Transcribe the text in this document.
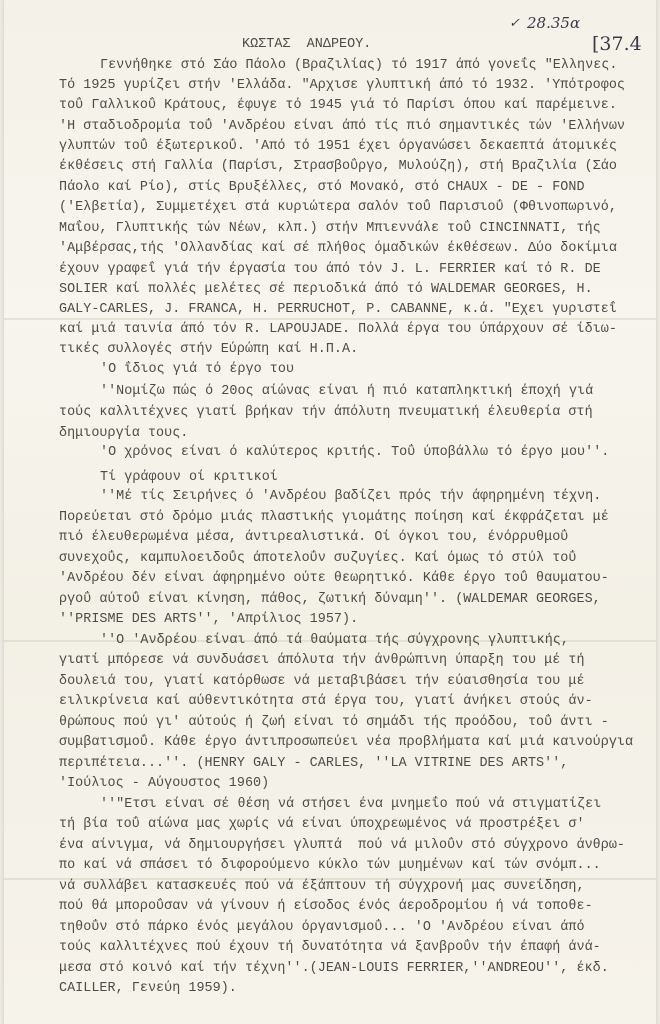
✓ 28.35α
[37.4
ΚΩΣΤΑΣ  ΑΝΔΡΕΟΥ.
Γεννήθηκε στό Σάο Πάολο (Βραζιλίας) τό 1917 άπό γονεΐς "Ελληνες.
Τό 1925 γυρίζει στήν 'Ελλάδα. "Αρχισε γλυπτική άπό τό 1932. 'Υπότροφος
τοΰ Γαλλικοΰ Κράτους, έφυγε τό 1945 γιά τό Παρίσι όπου καί παρέμεινε.
'Η σταδιοδρομία τοΰ 'Ανδρέου είναι άπό τίς πιό σημαντικές τών 'Ελλήνων
γλυπτών τοΰ έξωτερικοΰ. 'Από τό 1951 έχει όργανώσει δεκαεπτά άτομικές
έκθέσεις στή Γαλλία (Παρίσι, Στρασβοΰργο, Μυλούζη), στή Βραζιλία (Σάο
Πάολο καί Ρίο), στίς Βρυξέλλες, στό Μονακό, στό CHAUX - DE - FOND
('Ελβετία), Συμμετέχει στά κυριώτερα σαλόν τοΰ Παρισιοΰ (Φθινοπωρινό,
Μαΐου, Γλυπτικής τών Νέων, κλπ.) στήν Μπιεννάλε τοΰ CINCINNATI, τής
'Αμβέρσας,τής 'Ολλανδίας καί σέ πλήθος όμαδικών έκθέσεων. Δύο δοκίμια
έχουν γραφεΐ γιά τήν έργασία του άπό τόν J. L. FERRIER καί τό R. DE
SOLIER καί πολλές μελέτες σέ περιοδικά άπό τό WALDEMAR GEORGES, H.
GALY-CARLES, J. FRANCA, H. PERRUCHOT, P. CABANNE, κ.ά. "Εχει γυριστεΐ
καί μιά ταινία άπό τόν R. LAPOUJADE. Πολλά έργα του ύπάρχουν σέ ίδιω-
τικές συλλογές στήν Εύρώπη καί Η.Π.Α.
'Ο ΐδιος γιά τό έργο του
''Νομίζω πώς ό 20ος αίώνας είναι ή πιό καταπληκτική έποχή γιά
τούς καλλιτέχνες γιατί βρήκαν τήν άπόλυτη πνευματική έλευθερία στή
δημιουργία τους.
'Ο χρόνος είναι ό καλύτερος κριτής. Τοΰ ύποβάλλω τό έργο μου''.
Τί γράφουν οί κριτικοί
''Μέ τίς Σειρήνες ό 'Ανδρέου βαδίζει πρός τήν άφηρημένη τέχνη.
Πορεύεται στό δρόμο μιάς πλαστικής γιομάτης ποίηση καί έκφράζεται μέ
πιό έλευθερωμένα μέσα, άντιρεαλιστικά. Οί όγκοι του, ένόρρυθμοΰ
συνεχοΰς, καμπυλοειδοΰς άποτελοΰν συζυγίες. Καί όμως τό στύλ τοΰ
'Ανδρέου δέν είναι άφηρημένο ούτε θεωρητικό. Κάθε έργο τοΰ θαυματου-
ργοΰ αύτοΰ είναι κίνηση, πάθος, ζωτική δύναμη''. (WALDEMAR GEORGES,
''PRISME DES ARTS'', 'Απρίλιος 1957).
''Ο 'Ανδρέου είναι άπό τά θαύματα τής σύγχρονης γλυπτικής,
γιατί μπόρεσε νά συνδυάσει άπόλυτα τήν άνθρώπινη ύπαρξη του μέ τή
δουλειά του, γιατί κατόρθωσε νά μεταβιβάσει τήν εύαισθησία του μέ
ειλικρίνεια καί αύθεντικότητα στά έργα του, γιατί άνήκει στούς άν-
θρώπους πού γι' αύτούς ή ζωή είναι τό σημάδι τής προόδου, τοΰ άντι -
συμβατισμοΰ. Κάθε έργο άντιπροσωπεύει νέα προβλήματα καί μιά καινούργια
περιπέτεια...''. (HENRY GALY - CARLES, ''LA VITRINE DES ARTS'',
'Ιούλιος - Αύγουστος 1960)
''"Ετσι είναι σέ θέση νά στήσει ένα μνημεΐο πού νά στιγματίζει
τή βία τοΰ αίώνα μας χωρίς νά είναι ύποχρεωμένος νά προστρέξει σ'
ένα αίνιγμα, νά δημιουργήσει γλυπτά  πού νά μιλοΰν στό σύγχρονο άνθρω-
πο καί νά σπάσει τό διφορούμενο κύκλο τών μυημένων καί τών σνόμπ...
νά συλλάβει κατασκευές πού νά έξάπτουν τή σύγχρονή μας συνείδηση,
πού θά μποροΰσαν νά γίνουν ή είσοδος ένός άεροδρομίου ή νά τοποθε-
τηθοΰν στό πάρκο ένός μεγάλου όργανισμοΰ... 'Ο 'Ανδρέου είναι άπό
τούς καλλιτέχνες πού έχουν τή δυνατότητα νά ξανβροΰν τήν έπαφή άνά-
μεσα στό κοινό καί τήν τέχνη''.(JEAN-LOUIS FERRIER,''ANDREOU'', έκδ.
CAILLER, Γενεύη 1959).
